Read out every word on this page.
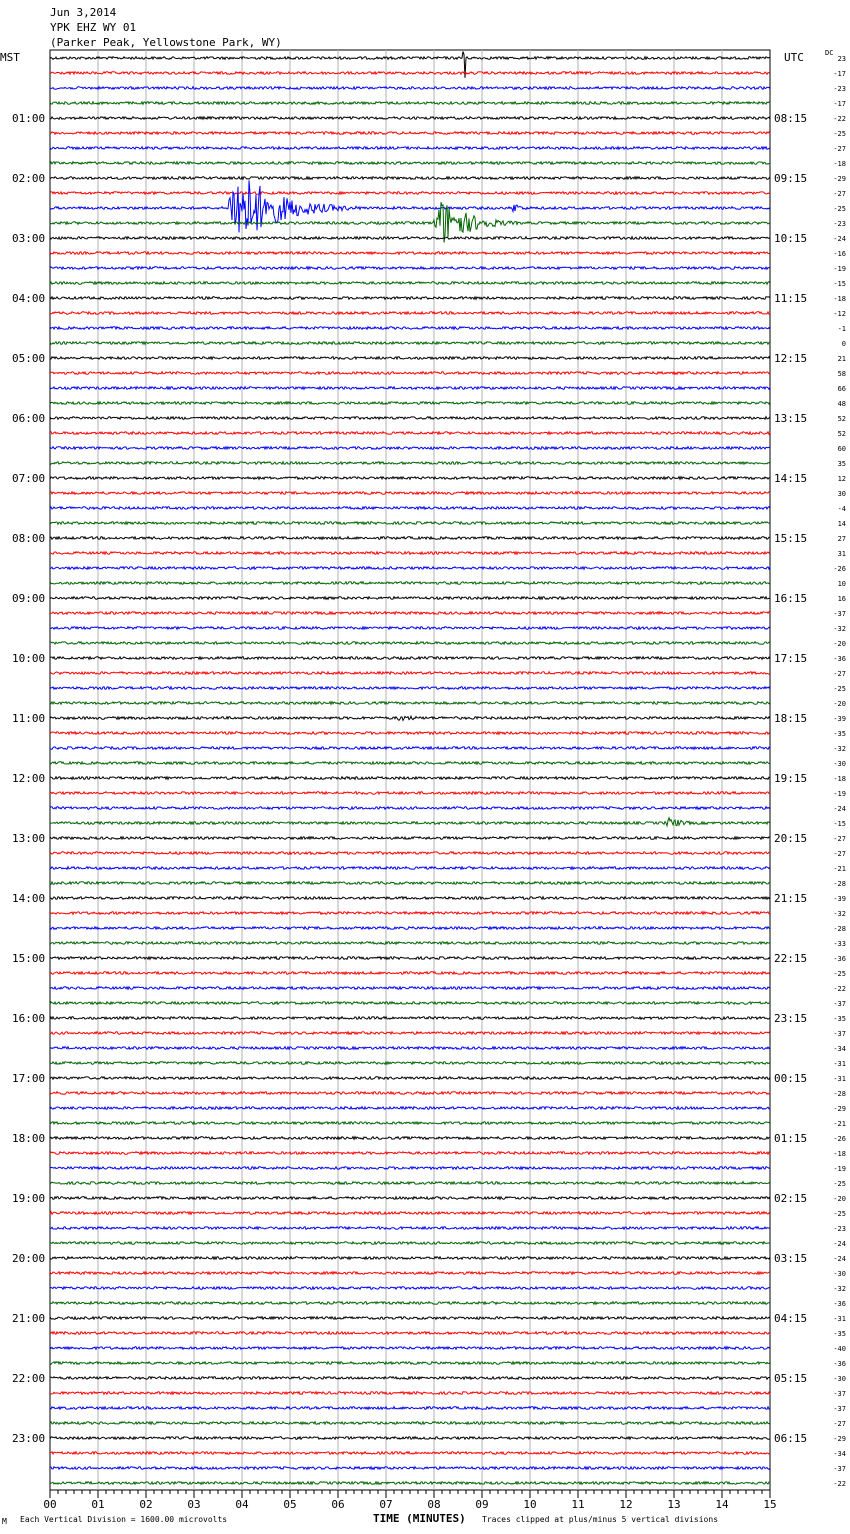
Jun 3,2014
YPK EHZ WY 01
(Parker Peak, Yellowstone Park, WY)
MST	UTC	DC
23
-17
-23
-17
-22
-25
-27
-18
-29
-27
-25
-23
-24
-16
-19
-15
-18
-12
-1
0
21
58
66
48
52
52
60
35
12
30
-4
14
27
31
-26
10
16
-37
-32
-20
-36
-27
-25
-20
-39
-35
-32
-30
-18
-19
-24
-15
-27
-27
-21
-28
-39
-32
-28
-33
-36
-25
-22
-37
-35
-37
-34
-31
-31
-28
-29
-21
-26
-18
-19
-25
-20
-25
-23
-24
-24
-30
-32
-36
-31
-35
-40
-36
-30
-37
-37
-27
-29
-34
-37
-22
01:00
02:00
03:00
04:00
05:00
06:00
07:00
08:00
09:00
10:00
11:00
12:00
13:00
14:00
15:00
16:00
17:00
18:00
19:00
20:00
21:00
22:00
23:00
08:15
09:15
10:15
11:15
12:15
13:15
14:15
15:15
16:15
17:15
18:15
19:15
20:15
21:15
22:15
23:15
00:15
01:15
02:15
03:15
04:15
05:15
06:15
00	01	02	03	04	05	06	07	08	09	10	11	12	13	14	15
M Each Vertical Division = 1600.00 microvolts	TIME (MINUTES) Traces clipped at plus/minus 5 vertical divisions
